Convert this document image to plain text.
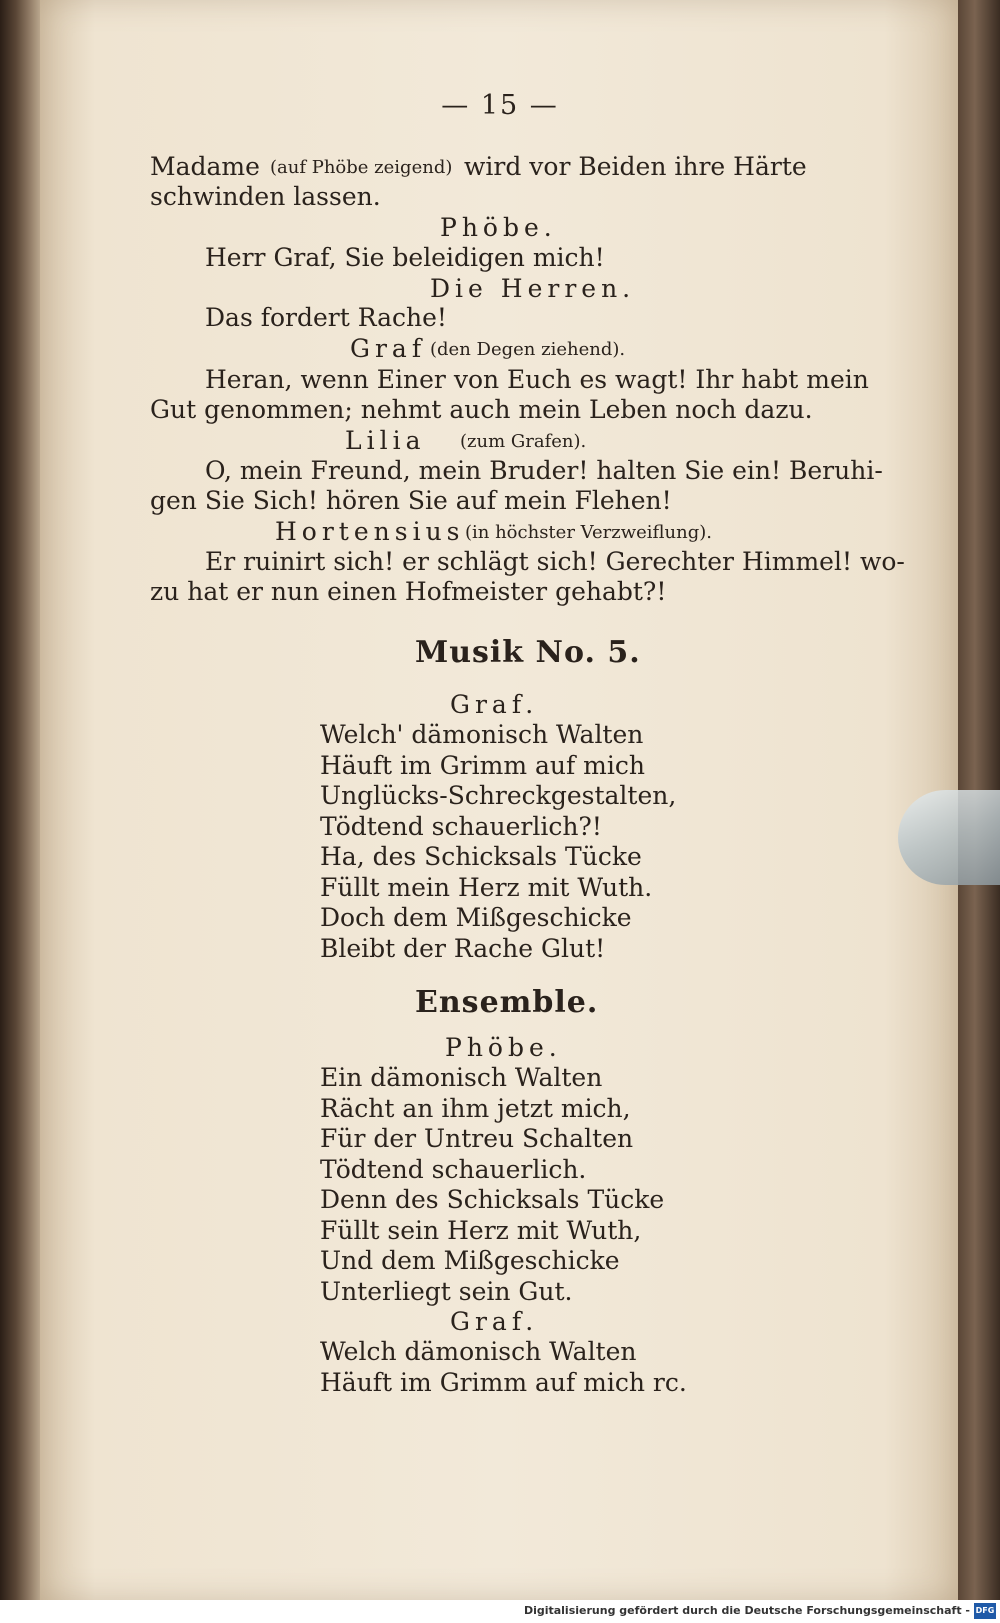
— 15 —
Madame (auf Phöbe zeigend) wird vor Beiden ihre Härte
schwinden lassen.
Phöbe.
Herr Graf, Sie beleidigen mich!
Die Herren.
Das fordert Rache!
Graf (den Degen ziehend).
Heran, wenn Einer von Euch es wagt! Ihr habt mein
Gut genommen; nehmt auch mein Leben noch dazu.
Lilia (zum Grafen).
O, mein Freund, mein Bruder! halten Sie ein! Beruhi-
gen Sie Sich! hören Sie auf mein Flehen!
Hortensius (in höchster Verzweiflung).
Er ruinirt sich! er schlägt sich! Gerechter Himmel! wo-
zu hat er nun einen Hofmeister gehabt?!
Musik No. 5.
Graf.
Welch' dämonisch Walten
Häuft im Grimm auf mich
Unglücks-Schreckgestalten,
Tödtend schauerlich?!
Ha, des Schicksals Tücke
Füllt mein Herz mit Wuth.
Doch dem Mißgeschicke
Bleibt der Rache Glut!
Ensemble.
Phöbe.
Ein dämonisch Walten
Rächt an ihm jetzt mich,
Für der Untreu Schalten
Tödtend schauerlich.
Denn des Schicksals Tücke
Füllt sein Herz mit Wuth,
Und dem Mißgeschicke
Unterliegt sein Gut.
Graf.
Welch dämonisch Walten
Häuft im Grimm auf mich rc.
Digitalisierung gefördert durch die Deutsche Forschungsgemeinschaft - DFG
